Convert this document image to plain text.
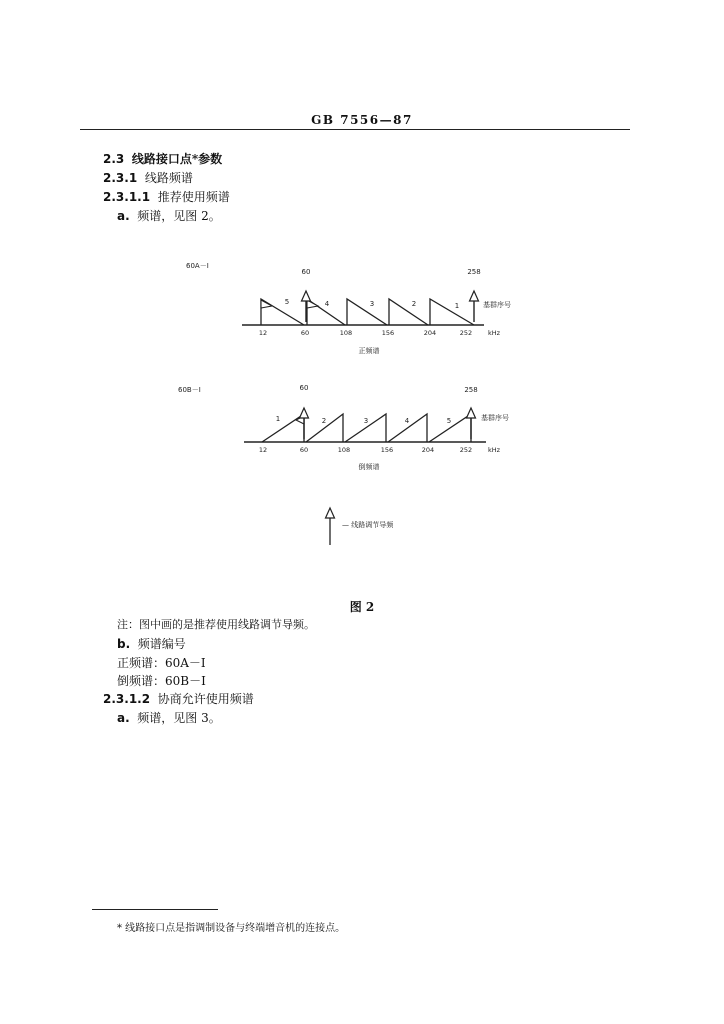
GB 7556—87
2.3 线路接口点*参数
2.3.1 线路频谱
2.3.1.1 推荐使用频谱
a. 频谱，见图 2。
60A－I
60	258
5	4	3	2	1	基群序号
12	60	108	156	204	252 kHz
正频谱
60B－I	60	258
1	2	3	4	5	基群序号
12	60	108	156	204	252 kHz
倒频谱
— 线路调节导频
图 2
注：图中画的是推荐使用线路调节导频。
b. 频谱编号
正频谱：60A－I
倒频谱：60B－I
2.3.1.2 协商允许使用频谱
a. 频谱，见图 3。
* 线路接口点是指调制设备与终端增音机的连接点。
